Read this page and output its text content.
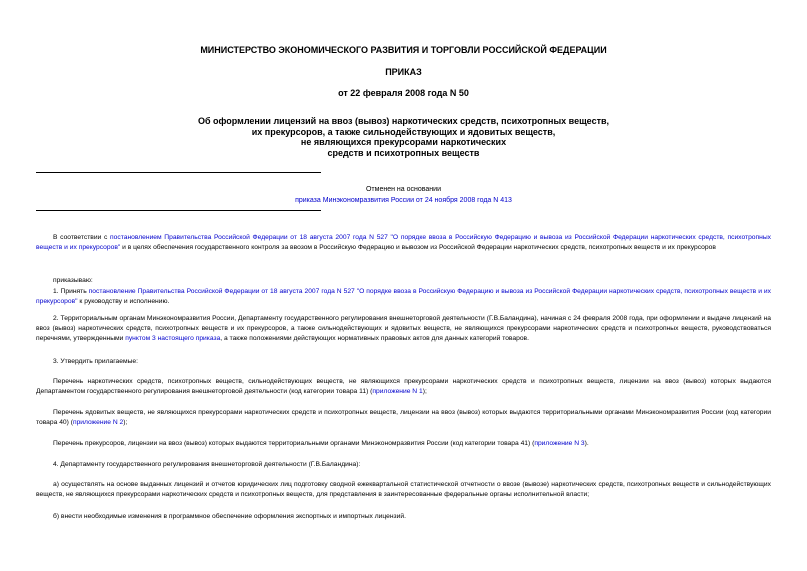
МИНИСТЕРСТВО ЭКОНОМИЧЕСКОГО РАЗВИТИЯ И ТОРГОВЛИ РОССИЙСКОЙ ФЕДЕРАЦИИ
ПРИКАЗ
от 22 февраля 2008 года N 50
Об оформлении лицензий на ввоз (вывоз) наркотических средств, психотропных веществ,
их прекурсоров, а также сильнодействующих и ядовитых веществ,
не являющихся прекурсорами наркотических
средств и психотропных веществ
Отменен на основании
приказа Минэкономразвития России от 24 ноября 2008 года N 413
В соответствии с постановлением Правительства Российской Федерации от 18 августа 2007 года N 527 "О порядке ввоза в Российскую Федерацию и вывоза из Российской Федерации наркотических средств, психотропных веществ и их прекурсоров" и в целях обеспечения государственного контроля за ввозом в Российскую Федерацию и вывозом из Российской Федерации наркотических средств, психотропных веществ и их прекурсоров
приказываю:
1. Принять постановление Правительства Российской Федерации от 18 августа 2007 года N 527 "О порядке ввоза в Российскую Федерацию и вывоза из Российской Федерации наркотических средств, психотропных веществ и их прекурсоров" к руководству и исполнению.
2. Территориальным органам Минэкономразвития России, Департаменту государственного регулирования внешнеторговой деятельности (Г.В.Баландина), начиная с 24 февраля 2008 года, при оформлении и выдаче лицензий на ввоз (вывоз) наркотических средств, психотропных веществ и их прекурсоров, а также сильнодействующих и ядовитых веществ, не являющихся прекурсорами наркотических средств и психотропных веществ, руководствоваться перечнями, утвержденными пунктом 3 настоящего приказа, а также положениями действующих нормативных правовых актов для данных категорий товаров.
3. Утвердить прилагаемые:
Перечень наркотических средств, психотропных веществ, сильнодействующих веществ, не являющихся прекурсорами наркотических средств и психотропных веществ, лицензии на ввоз (вывоз) которых выдаются Департаментом государственного регулирования внешнеторговой деятельности (код категории товара 11) (приложение N 1);
Перечень ядовитых веществ, не являющихся прекурсорами наркотических средств и психотропных веществ, лицензии на ввоз (вывоз) которых выдаются территориальными органами Минэкономразвития России (код категории товара 40) (приложение N 2);
Перечень прекурсоров, лицензии на ввоз (вывоз) которых выдаются территориальными органами Минэкономразвития России (код категории товара 41) (приложение N 3).
4. Департаменту государственного регулирования внешнеторговой деятельности (Г.В.Баландина):
а) осуществлять на основе выданных лицензий и отчетов юридических лиц подготовку сводной ежеквартальной статистической отчетности о ввозе (вывозе) наркотических средств, психотропных веществ и сильнодействующих веществ, не являющихся прекурсорами наркотических средств и психотропных веществ, для представления в заинтересованные федеральные органы исполнительной власти;
б) внести необходимые изменения в программное обеспечение оформления экспортных и импортных лицензий.
